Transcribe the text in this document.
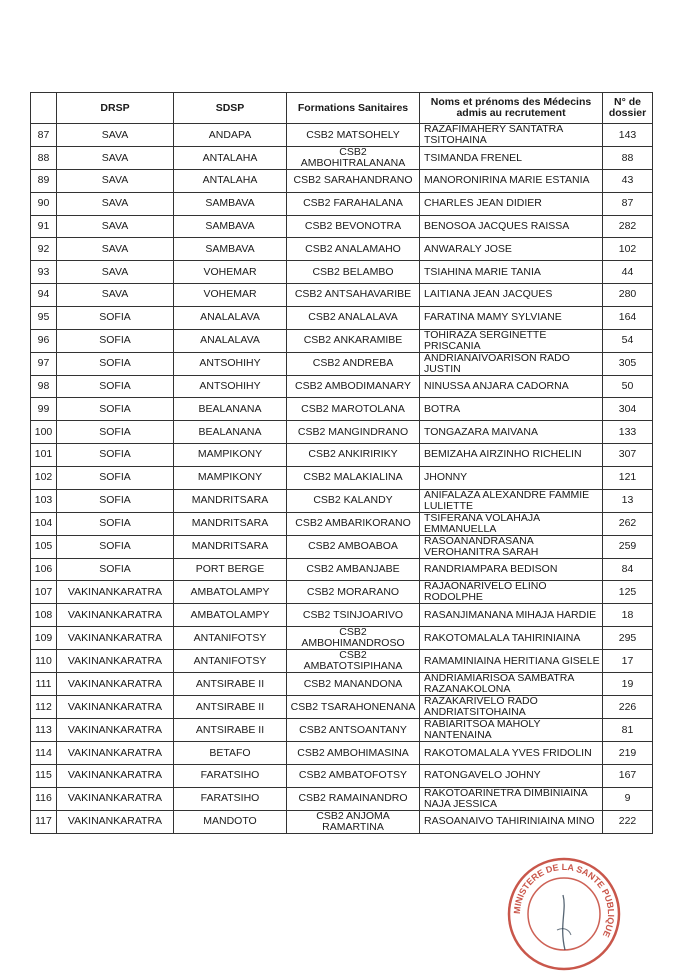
	DRSP	SDSP	Formations Sanitaires	Noms et prénoms des Médecins admis au recrutement	N° de dossier
87	SAVA	ANDAPA	CSB2 MATSOHELY	RAZAFIMAHERY SANTATRA TSITOHAINA	143
88	SAVA	ANTALAHA	CSB2 AMBOHITRALANANA	TSIMANDA FRENEL	88
89	SAVA	ANTALAHA	CSB2 SARAHANDRANO	MANORONIRINA MARIE ESTANIA	43
90	SAVA	SAMBAVA	CSB2 FARAHALANA	CHARLES JEAN DIDIER	87
91	SAVA	SAMBAVA	CSB2 BEVONOTRA	BENOSOA JACQUES RAISSA	282
92	SAVA	SAMBAVA	CSB2 ANALAMAHO	ANWARALY JOSE	102
93	SAVA	VOHEMAR	CSB2 BELAMBO	TSIAHINA MARIE TANIA	44
94	SAVA	VOHEMAR	CSB2 ANTSAHAVARIBE	LAITIANA JEAN JACQUES	280
95	SOFIA	ANALALAVA	CSB2 ANALALAVA	FARATINA MAMY SYLVIANE	164
96	SOFIA	ANALALAVA	CSB2 ANKARAMIBE	TOHIRAZA SERGINETTE PRISCANIA	54
97	SOFIA	ANTSOHIHY	CSB2 ANDREBA	ANDRIANAIVOARISON RADO JUSTIN	305
98	SOFIA	ANTSOHIHY	CSB2 AMBODIMANARY	NINUSSA ANJARA CADORNA	50
99	SOFIA	BEALANANA	CSB2 MAROTOLANA	BOTRA	304
100	SOFIA	BEALANANA	CSB2 MANGINDRANO	TONGAZARA MAIVANA	133
101	SOFIA	MAMPIKONY	CSB2 ANKIRIRIKY	BEMIZAHA AIRZINHO RICHELIN	307
102	SOFIA	MAMPIKONY	CSB2 MALAKIALINA	JHONNY	121
103	SOFIA	MANDRITSARA	CSB2 KALANDY	ANIFALAZA ALEXANDRE FAMMIE LULIETTE	13
104	SOFIA	MANDRITSARA	CSB2 AMBARIKORANO	TSIFERANA VOLAHAJA EMMANUELLA	262
105	SOFIA	MANDRITSARA	CSB2 AMBOABOA	RASOANANDRASANA VEROHANITRA SARAH	259
106	SOFIA	PORT BERGE	CSB2 AMBANJABE	RANDRIAMPARA BEDISON	84
107	VAKINANKARATRA	AMBATOLAMPY	CSB2 MORARANO	RAJAONARIVELO ELINO RODOLPHE	125
108	VAKINANKARATRA	AMBATOLAMPY	CSB2 TSINJOARIVO	RASANJIMANANA MIHAJA HARDIE	18
109	VAKINANKARATRA	ANTANIFOTSY	CSB2 AMBOHIMANDROSO	RAKOTOMALALA TAHIRINIAINA	295
110	VAKINANKARATRA	ANTANIFOTSY	CSB2 AMBATOTSIPIHANA	RAMAMINIAINA HERITIANA GISELE	17
111	VAKINANKARATRA	ANTSIRABE II	CSB2 MANANDONA	ANDRIAMIARISOA SAMBATRA RAZANAKOLONA	19
112	VAKINANKARATRA	ANTSIRABE II	CSB2 TSARAHONENANA	RAZAKARIVELO RADO ANDRIATSITOHAINA	226
113	VAKINANKARATRA	ANTSIRABE II	CSB2 ANTSOANTANY	RABIARITSOA MAHOLY NANTENAINA	81
114	VAKINANKARATRA	BETAFO	CSB2 AMBOHIMASINA	RAKOTOMALALA YVES FRIDOLIN	219
115	VAKINANKARATRA	FARATSIHO	CSB2 AMBATOFOTSY	RATONGAVELO JOHNY	167
116	VAKINANKARATRA	FARATSIHO	CSB2 RAMAINANDRO	RAKOTOARINETRA DIMBINIAINA NAJA JESSICA	9
117	VAKINANKARATRA	MANDOTO	CSB2 ANJOMA RAMARTINA	RASOANAIVO TAHIRINIAINA MINO	222
MINISTERE DE LA SANTE PUBLIQUE
